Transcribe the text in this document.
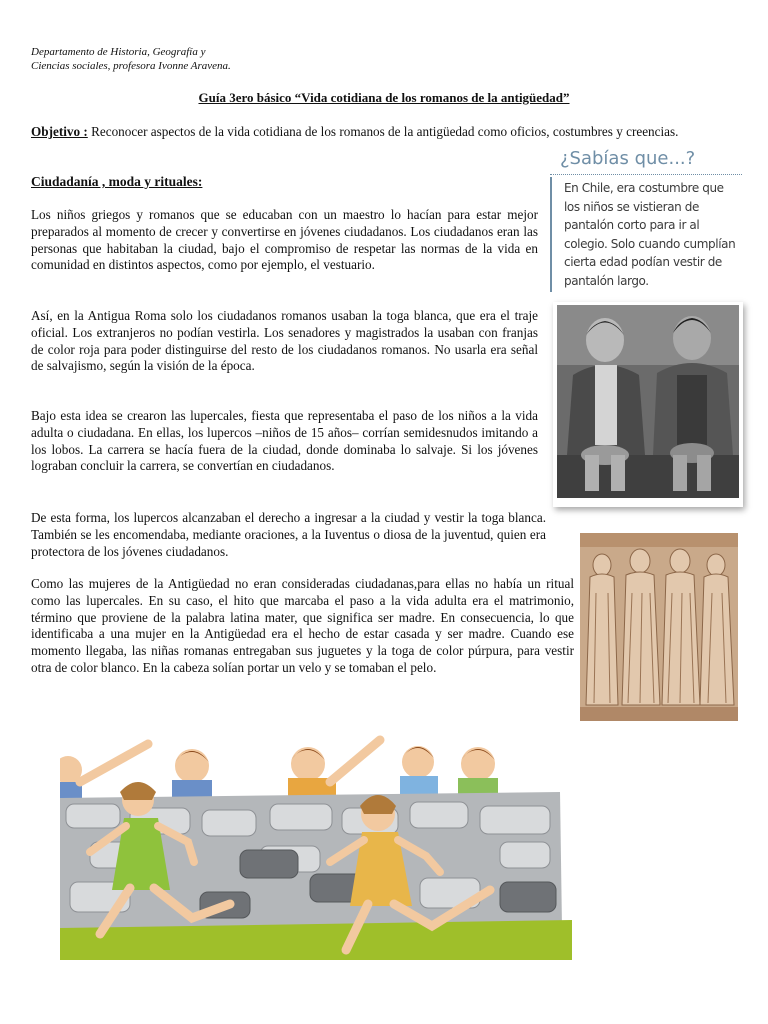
Departamento de Historia, Geografía y
Ciencias sociales, profesora Ivonne Aravena.
Guía 3ero básico “Vida cotidiana de los romanos de la antigüedad”
Objetivo : Reconocer aspectos de la vida cotidiana de los romanos de la antigüedad como oficios, costumbres y creencias.
Ciudadanía , moda y rituales:

Los niños griegos y romanos que se educaban con un maestro lo hacían para estar mejor preparados al momento de crecer y convertirse en jóvenes ciudadanos. Los ciudadanos eran las personas que habitaban la ciudad, bajo el compromiso de respetar las normas de la vida en comunidad en distintos aspectos, como por ejemplo, el vestuario.

Así, en la Antigua Roma solo los ciudadanos romanos usaban la toga blanca, que era el traje oficial. Los extranjeros no podían vestirla. Los senadores y magistrados la usaban con franjas de color roja para poder distinguirse del resto de los ciudadanos romanos. No usarla era señal de salvajismo, según la visión de la época.

Bajo esta idea se crearon las lupercales, fiesta que representaba el paso de los niños a la vida adulta o ciudadana. En ellas, los lupercos –niños de 15 años– corrían semidesnudos imitando a los lobos. La carrera se hacía fuera de la ciudad, donde dominaba lo salvaje. Si los jóvenes lograban concluir la carrera, se convertían en ciudadanos.

De esta forma, los lupercos alcanzaban el derecho a ingresar a la ciudad y vestir la toga blanca. También se les encomendaba, mediante oraciones, a la Iuventus o diosa de la juventud, quien era protectora de los jóvenes ciudadanos.

Como las mujeres de la Antigüedad no eran consideradas ciudadanas,para ellas no había un ritual como las lupercales. En su caso, el hito que marcaba el paso a la vida adulta era el matrimonio, término que proviene de la palabra latina mater, que significa ser madre. En consecuencia, lo que identificaba a una mujer en la Antigüedad era el hecho de estar casada y ser madre. Cuando ese momento llegaba, las niñas romanas entregaban sus juguetes y la toga de color púrpura, para vestir otra de color blanco. En la cabeza solían portar un velo y se tomaban el pelo.

¿Sabías que...?
En Chile, era costumbre que los niños se vistieran de pantalón corto para ir al colegio. Solo cuando cumplían cierta edad podían vestir de pantalón largo.
